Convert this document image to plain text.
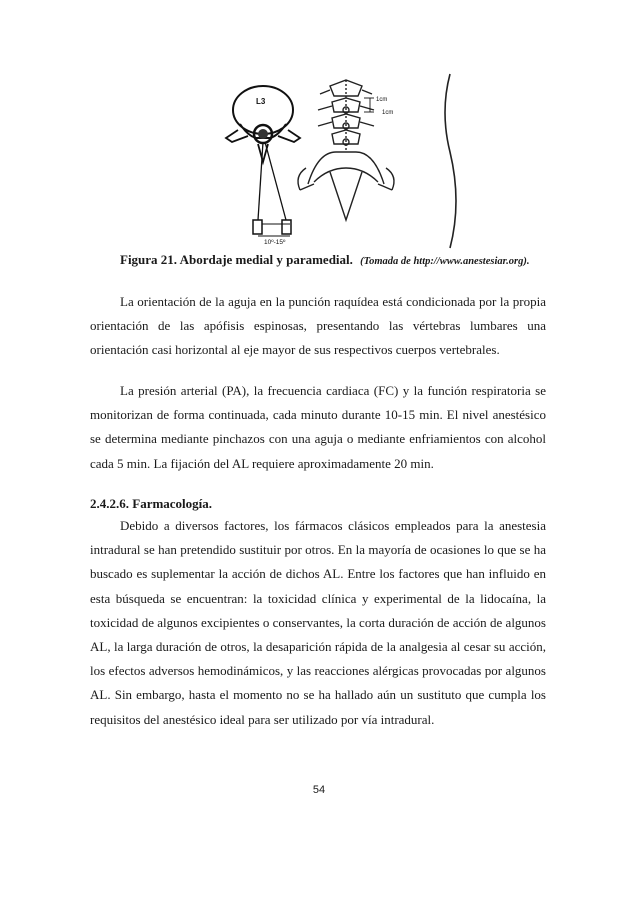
L3
10º-15º
1cm
1cm
Figura 21. Abordaje medial y paramedial. (Tomada de http://www.anestesiar.org).

La orientación de la aguja en la punción raquídea está condicionada por la propia orientación de las apófisis espinosas, presentando las vértebras lumbares una orientación casi horizontal al eje mayor de sus respectivos cuerpos vertebrales.

La presión arterial (PA), la frecuencia cardiaca (FC) y la función respiratoria se monitorizan de forma continuada, cada minuto durante 10-15 min. El nivel anestésico se determina mediante pinchazos con una aguja o mediante enfriamientos con alcohol cada 5 min. La fijación del AL requiere aproximadamente 20 min.

2.4.2.6. Farmacología.

Debido a diversos factores, los fármacos clásicos empleados para la anestesia intradural se han pretendido sustituir por otros. En la mayoría de ocasiones lo que se ha buscado es suplementar la acción de dichos AL. Entre los factores que han influido en esta búsqueda se encuentran: la toxicidad clínica y experimental de la lidocaína, la toxicidad de algunos excipientes o conservantes, la corta duración de acción de algunos AL, la larga duración de otros, la desaparición rápida de la analgesia al cesar su acción, los efectos adversos hemodinámicos, y las reacciones alérgicas provocadas por algunos AL. Sin embargo, hasta el momento no se ha hallado aún un sustituto que cumpla los requisitos del anestésico ideal para ser utilizado por vía intradural.

54
